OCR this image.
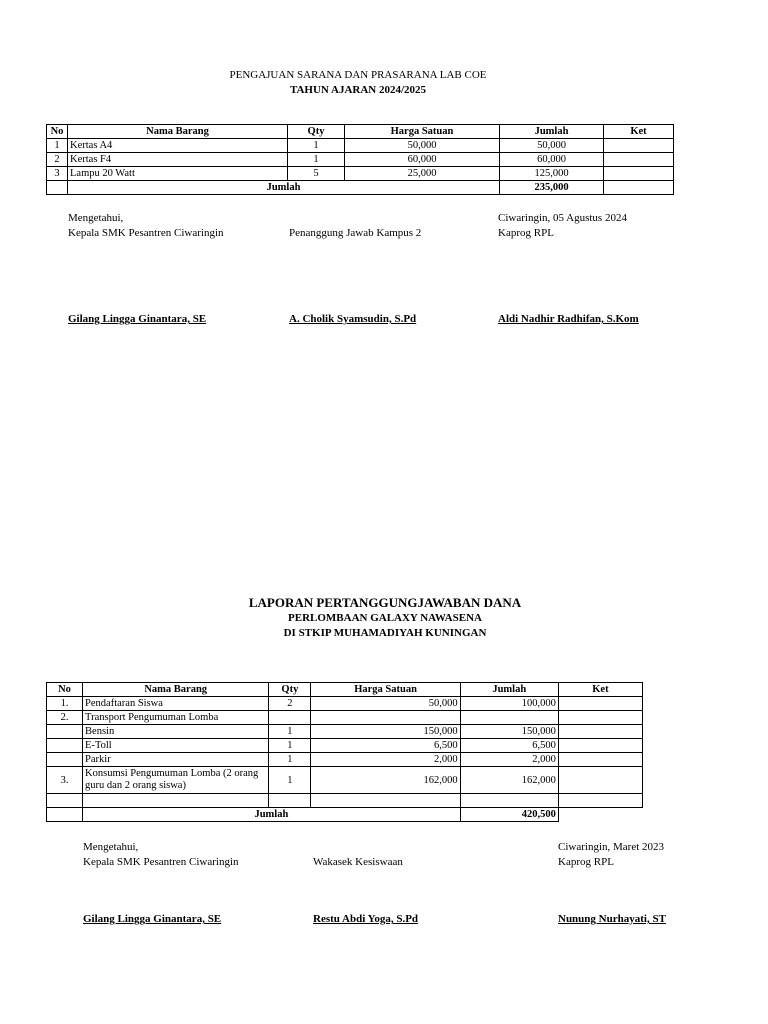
PENGAJUAN SARANA DAN PRASARANA LAB COE
TAHUN AJARAN 2024/2025
No	Nama Barang	Qty	Harga Satuan	Jumlah	Ket
1	Kertas A4	1	50,000	50,000	
2	Kertas F4	1	60,000	60,000	
3	Lampu 20 Watt	5	25,000	125,000	
	Jumlah			235,000	
Mengetahui,
Kepala SMK Pesantren Ciwaringin	Penanggung Jawab Kampus 2
Ciwaringin, 05 Agustus 2024
Kaprog RPL
Gilang Lingga Ginantara, SE	A. Cholik Syamsudin, S.Pd	Aldi Nadhir Radhifan, S.Kom
LAPORAN PERTANGGUNGJAWABAN DANA
PERLOMBAAN GALAXY NAWASENA
DI STKIP MUHAMADIYAH KUNINGAN
No	Nama Barang	Qty	Harga Satuan	Jumlah	Ket
1.	Pendaftaran Siswa	2	50,000	100,000	
2.	Transport Pengumuman Lomba				
	Bensin	1	150,000	150,000	
	E-Toll	1	6,500	6,500	
	Parkir	1	2,000	2,000	
3.	Konsumsi Pengumuman Lomba (2 orang guru dan 2 orang siswa)	1	162,000	162,000	

	Jumlah			420,500	
Mengetahui,
Kepala SMK Pesantren Ciwaringin	Wakasek Kesiswaan
Ciwaringin, Maret 2023
Kaprog RPL
Gilang Lingga Ginantara, SE	Restu Abdi Yoga, S.Pd	Nunung Nurhayati, ST
